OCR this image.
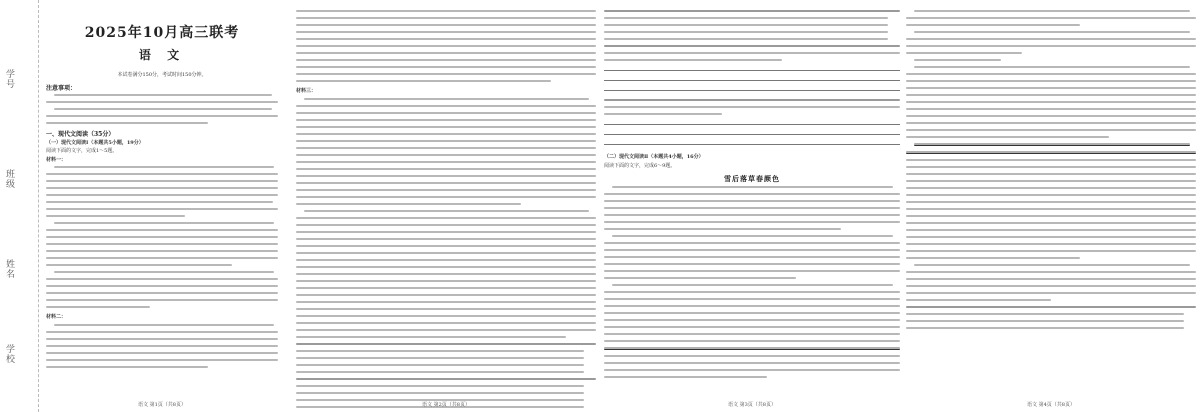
学号
班级
姓名
学校
2025年10月高三联考
语 文
本试卷满分150分，考试时间150分钟。
注意事项：
一、现代文阅读（35分）
（一）现代文阅读Ⅰ（本题共5小题，19分）
阅读下面的文字，完成1～5题。
材料一：
材料二：
语文 第1页（共8页）
材料三：
语文 第2页（共8页）
（二）现代文阅读Ⅱ（本题共4小题，16分）
阅读下面的文字，完成6～9题。
雪后落草春颜色
语文 第3页（共8页）	语文 第4页（共8页）
